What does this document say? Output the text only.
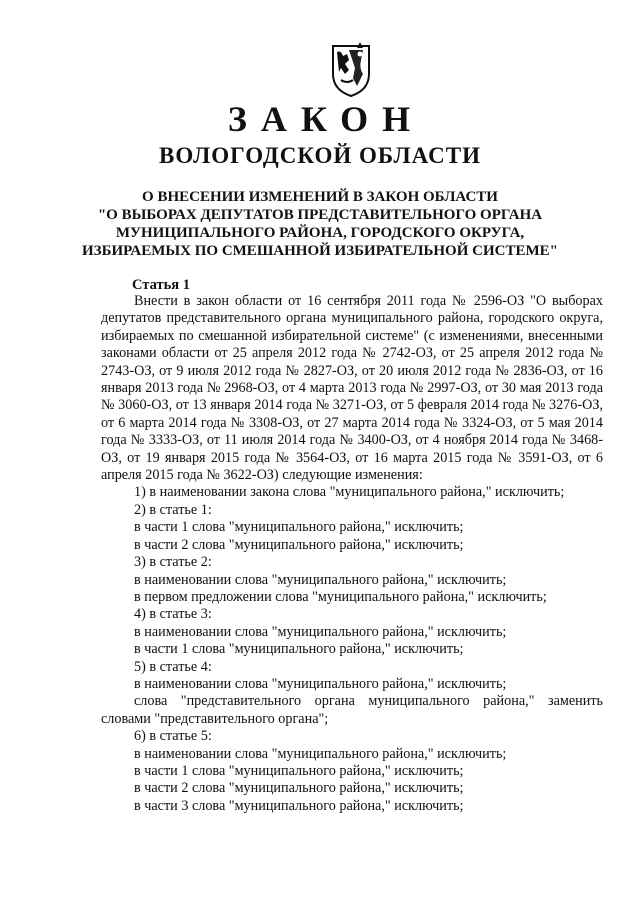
ЗАКОН
ВОЛОГОДСКОЙ ОБЛАСТИ
О ВНЕСЕНИИ ИЗМЕНЕНИЙ В ЗАКОН ОБЛАСТИ
"О ВЫБОРАХ ДЕПУТАТОВ ПРЕДСТАВИТЕЛЬНОГО ОРГАНА
МУНИЦИПАЛЬНОГО РАЙОНА, ГОРОДСКОГО ОКРУГА,
ИЗБИРАЕМЫХ ПО СМЕШАННОЙ ИЗБИРАТЕЛЬНОЙ СИСТЕМЕ"
Статья 1

Внести в закон области от 16 сентября 2011 года № 2596-ОЗ "О выборах депутатов представительного органа муниципального района, городского округа, избираемых по смешанной избирательной системе" (с изменениями, внесенными законами области от 25 апреля 2012 года № 2742-ОЗ, от 25 апреля 2012 года № 2743-ОЗ, от 9 июля 2012 года № 2827-ОЗ, от 20 июля 2012 года № 2836-ОЗ, от 16 января 2013 года № 2968-ОЗ, от 4 марта 2013 года № 2997-ОЗ, от 30 мая 2013 года № 3060-ОЗ, от 13 января 2014 года № 3271-ОЗ, от 5 февраля 2014 года № 3276-ОЗ, от 6 марта 2014 года № 3308-ОЗ, от 27 марта 2014 года № 3324-ОЗ, от 5 мая 2014 года № 3333-ОЗ, от 11 июля 2014 года № 3400-ОЗ, от 4 ноября 2014 года № 3468-ОЗ, от 19 января 2015 года № 3564-ОЗ, от 16 марта 2015 года № 3591-ОЗ, от 6 апреля 2015 года № 3622-ОЗ) следующие изменения:

1) в наименовании закона слова "муниципального района," исключить;

2) в статье 1:

в части 1 слова "муниципального района," исключить;

в части 2 слова "муниципального района," исключить;

3) в статье 2:

в наименовании слова "муниципального района," исключить;

в первом предложении слова "муниципального района," исключить;

4) в статье 3:

в наименовании слова "муниципального района," исключить;

в части 1 слова "муниципального района," исключить;

5) в статье 4:

в наименовании слова "муниципального района," исключить;

слова "представительного органа муниципального района," заменить

словами "представительного органа";

6) в статье 5:

в наименовании слова "муниципального района," исключить;

в части 1 слова "муниципального района," исключить;

в части 2 слова "муниципального района," исключить;

в части 3 слова "муниципального района," исключить;
